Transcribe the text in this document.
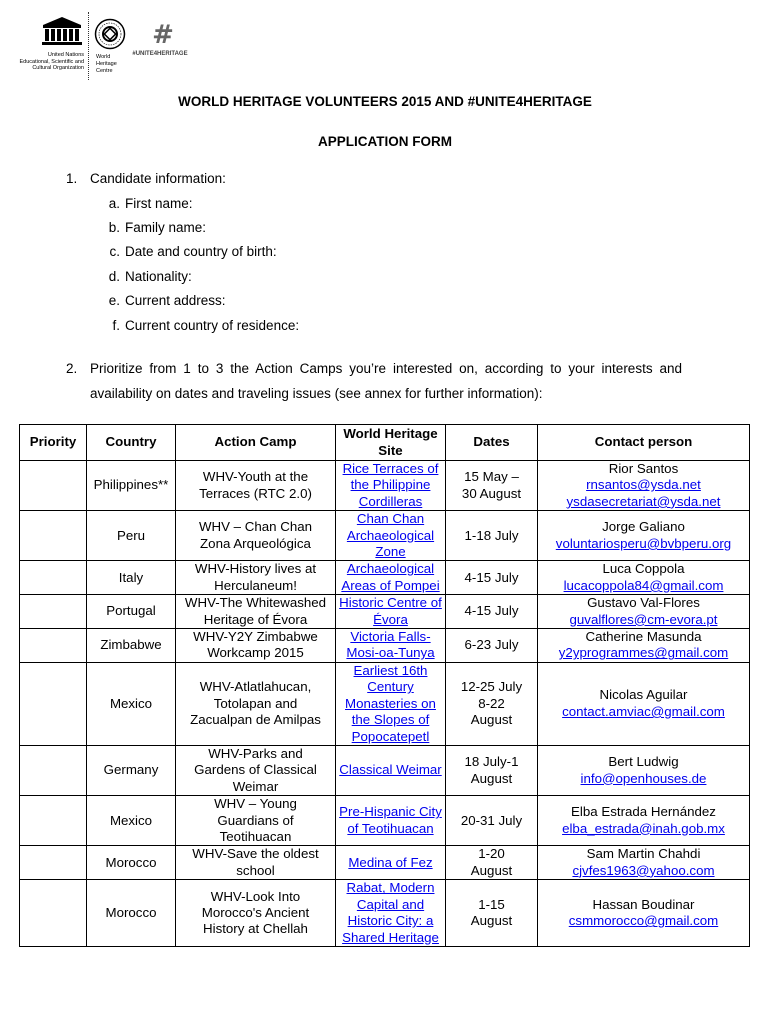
United Nations
Educational, Scientific and
Cultural Organization
World
Heritage
Centre
#
#UNITE4HERITAGE
WORLD HERITAGE VOLUNTEERS 2015 AND #UNITE4HERITAGE
APPLICATION FORM
1. Candidate information:
a. First name:
b. Family name:
c. Date and country of birth:
d. Nationality:
e. Current address:
f. Current country of residence:
2. Prioritize from 1 to 3 the Action Camps you’re interested on, according to your interests and
availability on dates and traveling issues (see annex for further information):
Priority	Country	Action Camp	World Heritage Site	Dates	Contact person
	Philippines**	WHV-Youth at the
Terraces (RTC 2.0)	Rice Terraces of
the Philippine
Cordilleras	15 May –
30 August	Rior Santos
rnsantos@ysda.net
ysdasecretariat@ysda.net

	Peru	WHV – Chan Chan
Zona Arqueológica	Chan Chan
Archaeological
Zone	1-18 July	Jorge Galiano
voluntariosperu@bvbperu.org

	Italy	WHV-History lives at
Herculaneum!	Archaeological
Areas of Pompei	4-15 July	Luca Coppola
lucacoppola84@gmail.com

	Portugal	WHV-The Whitewashed
Heritage of Évora	Historic Centre of
Évora	4-15 July	Gustavo Val-Flores
guvalflores@cm-evora.pt

	Zimbabwe	WHV-Y2Y Zimbabwe
Workcamp 2015	Victoria Falls-
Mosi-oa-Tunya	6-23 July	Catherine Masunda
y2yprogrammes@gmail.com

	Mexico	WHV-Atlatlahucan,
Totolapan and
Zacualpan de Amilpas	Earliest 16th
Century
Monasteries on
the Slopes of
Popocatepetl	12-25 July
8-22
August	Nicolas Aguilar
contact.amviac@gmail.com

	Germany	WHV-Parks and
Gardens of Classical
Weimar	Classical Weimar	18 July-1
August	Bert Ludwig
info@openhouses.de

	Mexico	WHV – Young
Guardians of
Teotihuacan	Pre-Hispanic City
of Teotihuacan	20-31 July	Elba Estrada Hernández
elba_estrada@inah.gob.mx

	Morocco	WHV-Save the oldest
school	Medina of Fez	1-20
August	Sam Martin Chahdi
cjvfes1963@yahoo.com

	Morocco	WHV-Look Into
Morocco's Ancient
History at Chellah	Rabat, Modern
Capital and
Historic City: a
Shared Heritage	1-15
August	Hassan Boudinar
csmmorocco@gmail.com
